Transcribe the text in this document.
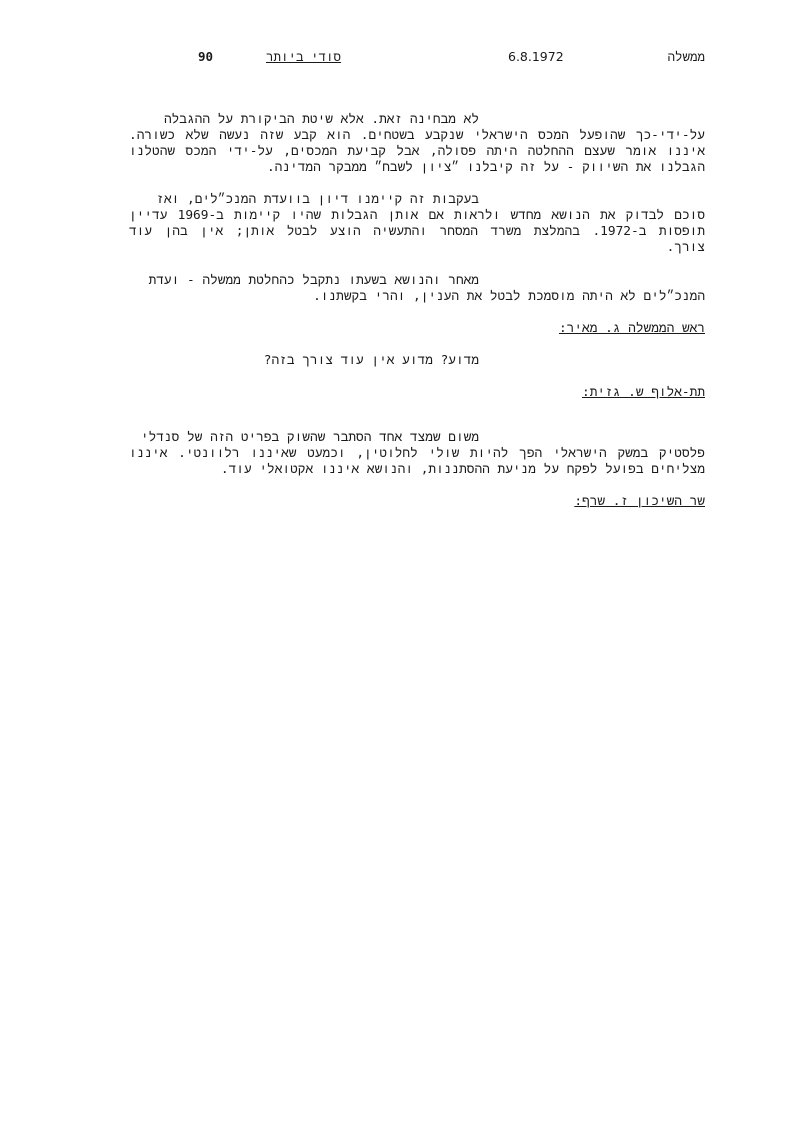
90	סודי ביותר	6.8.1972	ממשלה
לא מבחינה זאת. אלא שיטת הביקורת על ההגבלה
על-ידי-כך שהופעל המכס הישראלי שנקבע בשטחים. הוא קבע שזה נעשה שלא כשורה.
איננו אומר שעצם ההחלטה היתה פסולה, אבל קביעת המכסים, על-ידי המכס שהטלנו
הגבלנו את השיווק - על זה קיבלנו ״ציון לשבח״ ממבקר המדינה.
בעקבות זה קיימנו דיון בוועדת המנכ״לים, ואז
סוכם לבדוק את הנושא מחדש ולראות אם אותן הגבלות שהיו קיימות ב-1969 עדיין
תופסות ב-1972. בהמלצת משרד המסחר והתעשיה הוצע לבטל אותן; אין בהן עוד
צורך.
מאחר והנושא בשעתו נתקבל כהחלטת ממשלה - ועדת
המנכ״לים לא היתה מוסמכת לבטל את הענין, והרי בקשתנו.
ראש הממשלה ג. מאיר:
מדוע? מדוע אין עוד צורך בזה?
תת-אלוף ש. גזית:
משום שמצד אחד הסתבר שהשוק בפריט הזה של סנדלי
פלסטיק במשק הישראלי הפך להיות שולי לחלוטין, וכמעט שאיננו רלוונטי. איננו
מצליחים בפועל לפקח על מניעת ההסתננות, והנושא איננו אקטואלי עוד.
שר השיכון ז. שרף:
